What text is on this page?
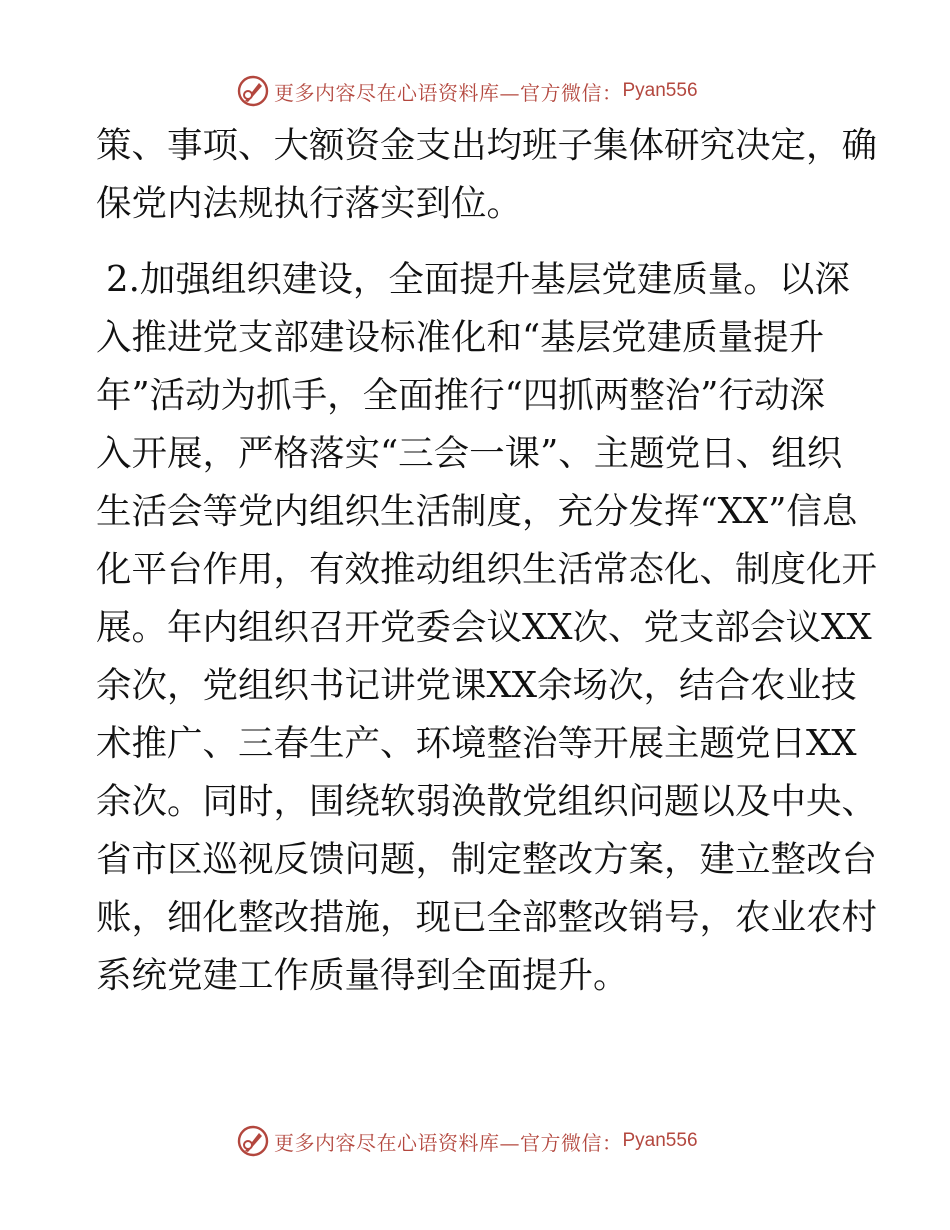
更多内容尽在心语资料库—官方微信： Pyan556
策、事项、大额资金支出均班子集体研究决定，确
保党内法规执行落实到位。
2.加强组织建设，全面提升基层党建质量。以深
入推进党支部建设标准化和“基层党建质量提升
年”活动为抓手，全面推行“四抓两整治”行动深
入开展，严格落实“三会一课”、主题党日、组织
生活会等党内组织生活制度，充分发挥“XX”信息
化平台作用，有效推动组织生活常态化、制度化开
展。年内组织召开党委会议XX次、党支部会议XX
余次，党组织书记讲党课XX余场次，结合农业技
术推广、三春生产、环境整治等开展主题党日XX
余次。同时，围绕软弱涣散党组织问题以及中央、
省市区巡视反馈问题，制定整改方案，建立整改台
账，细化整改措施，现已全部整改销号，农业农村
系统党建工作质量得到全面提升。
更多内容尽在心语资料库—官方微信： Pyan556
